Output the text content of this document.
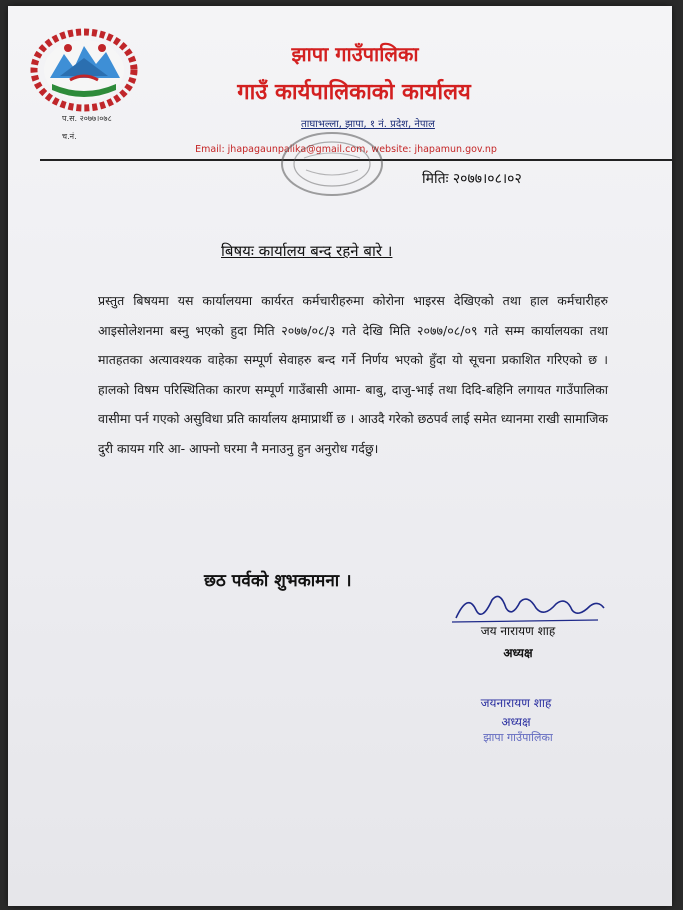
प.स. २०७७।०७८
च.नं.
झापा गाउँपालिका
गाउँ कार्यपालिकाको कार्यालय
ताघाभल्ला, झापा, १ नं. प्रदेश, नेपाल
Email: jhapagaunpalika@gmail.com, website: jhapamun.gov.np
मितिः २०७७।०८।०२
बिषयः कार्यालय बन्द रहने बारे ।
प्रस्तुत बिषयमा यस कार्यालयमा कार्यरत कर्मचारीहरुमा कोरोना भाइरस देखिएको तथा हाल कर्मचारीहरु आइसोलेशनमा बस्नु भएको हुदा मिति २०७७/०८/३ गते देखि मिति २०७७/०८/०९ गते सम्म कार्यालयका तथा मातहतका अत्यावश्यक वाहेका सम्पूर्ण सेवाहरु बन्द गर्ने निर्णय भएको हुँदा यो सूचना प्रकाशित गरिएको छ । हालको विषम परिस्थितिका कारण सम्पूर्ण गाउँबासी आमा- बाबु, दाजु-भाई तथा दिदि-बहिनि लगायत गाउँपालिका वासीमा पर्न गएको असुविधा प्रति कार्यालय क्षमाप्रार्थी छ । आउदै गरेको छठपर्व लाई समेत ध्यानमा राखी सामाजिक दुरी कायम गरि आ- आफ्नो घरमा नै मनाउनु हुन अनुरोध गर्दछु।
छठ पर्वको शुभकामना ।
जय नारायण शाह
अध्यक्ष
जयनारायण शाह
अध्यक्ष
झापा गाउँपालिका
